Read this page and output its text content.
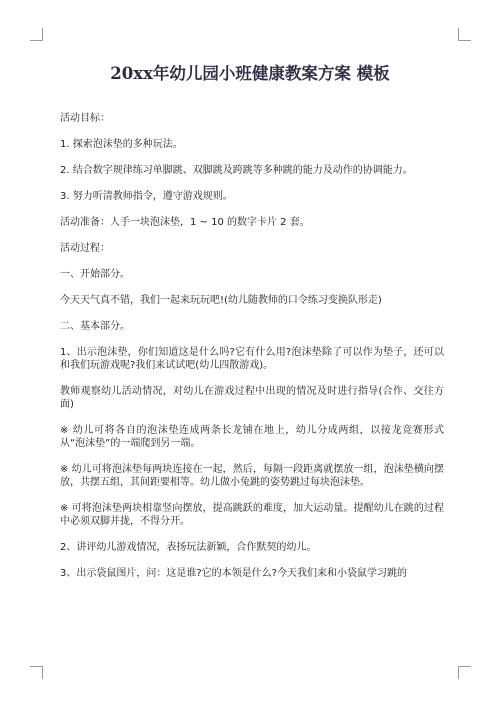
20xx年幼儿园小班健康教案方案 模板

活动目标：

1. 探索泡沫垫的多种玩法。

2. 结合数字规律练习单脚跳、双脚跳及跨跳等多种跳的能力及动作的协调能力。

3. 努力听清教师指令，遵守游戏规则。

活动准备：人手一块泡沫垫，1 ~ 10 的数字卡片 2 套。

活动过程：

一、开始部分。

今天天气真不错，我们一起来玩玩吧!(幼儿随教师的口令练习变换队形走)

二、基本部分。

1、出示泡沫垫，你们知道这是什么吗?它有什么用?泡沫垫除了可以作为垫子，还可以和我们玩游戏呢?我们来试试吧(幼儿四散游戏)。

教师观察幼儿活动情况，对幼儿在游戏过程中出现的情况及时进行指导(合作、交往方面)

※ 幼儿可将各自的泡沫垫连成两条长龙铺在地上，幼儿分成两组，以接龙竞赛形式从“泡沫垫”的一端爬到另一端。

※ 幼儿可将泡沫垫每两块连接在一起，然后，每隔一段距离就摆放一组，泡沫垫横向摆放，共摆五组，其间距要相等。幼儿做小兔跳的姿势跳过每块泡沫垫。

※ 可将泡沫垫两块相靠竖向摆放，提高跳跃的难度，加大运动量。提醒幼儿在跳的过程中必须双脚并拢，不得分开。

2、讲评幼儿游戏情况，表扬玩法新颖，合作默契的幼儿。

3、出示袋鼠图片，问：这是谁?它的本领是什么?今天我们来和小袋鼠学习跳的
